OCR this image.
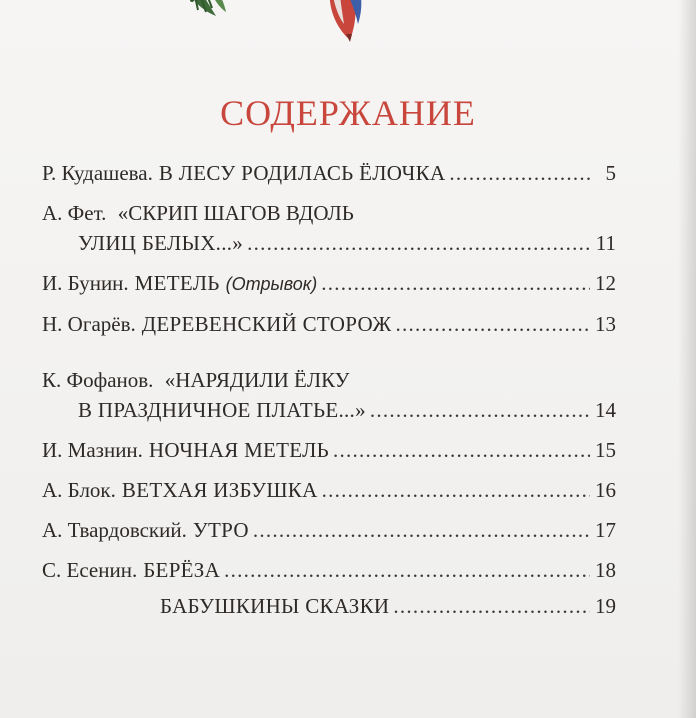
СОДЕРЖАНИЕ
Р. Кудашева. В ЛЕСУ РОДИЛАСЬ ЁЛОЧКА . . .	5
А. Фет. «СКРИП ШАГОВ ВДОЛЬ
УЛИЦ БЕЛЫХ...» . . .	11
И. Бунин. МЕТЕЛЬ (Отрывок) . . .	12
Н. Огарёв. ДЕРЕВЕНСКИЙ СТОРОЖ . . .	13
К. Фофанов. «НАРЯДИЛИ ЁЛКУ
В ПРАЗДНИЧНОЕ ПЛАТЬЕ...» . . .	14
И. Мазнин. НОЧНАЯ МЕТЕЛЬ . . .	15
А. Блок. ВЕТХАЯ ИЗБУШКА . . .	16
А. Твардовский. УТРО . . .	17
С. Есенин. БЕРЁЗА . . .	18
БАБУШКИНЫ СКАЗКИ . . .	19
